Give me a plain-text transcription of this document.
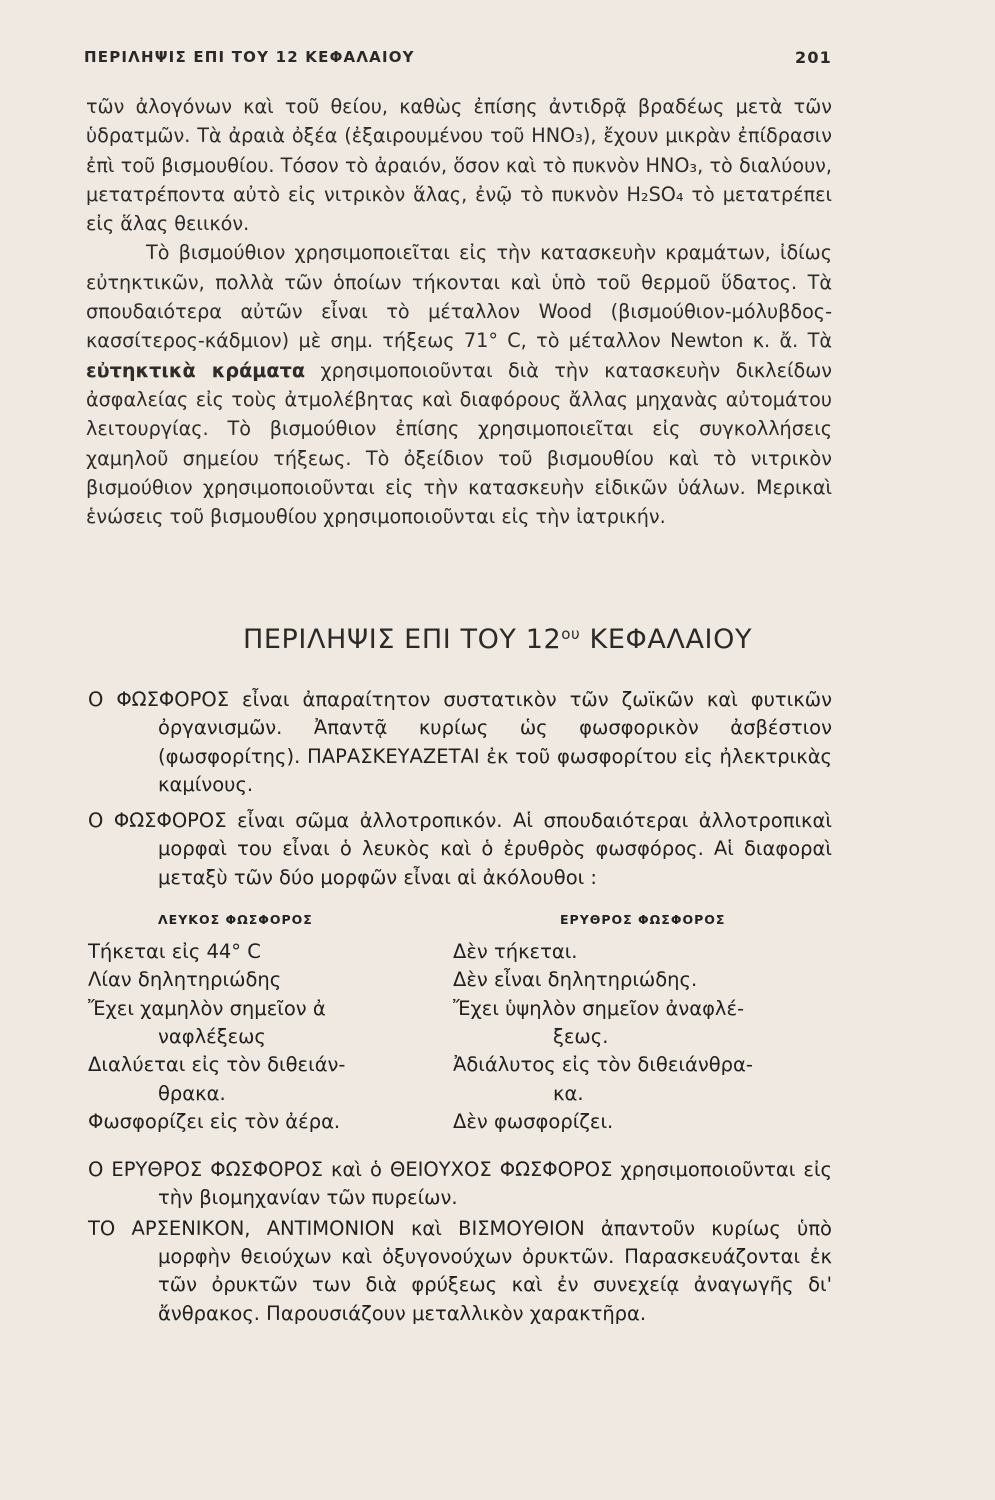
ΠΕΡΙΛΗΨΙΣ ΕΠΙ ΤΟΥ 12 ΚΕΦΑΛΑΙΟΥ	201

τῶν ἀλογόνων καὶ τοῦ θείου, καθὼς ἐπίσης ἀντιδρᾷ βραδέως μετὰ τῶν ὑδρατμῶν. Τὰ ἀραιὰ ὀξέα (ἐξαιρουμένου τοῦ HNO₃), ἔχουν μικρὰν ἐπίδρασιν ἐπὶ τοῦ βισμουθίου. Τόσον τὸ ἀραιόν, ὅσον καὶ τὸ πυκνὸν HNO₃, τὸ διαλύουν, μετατρέποντα αὐτὸ εἰς νιτρικὸν ἅλας, ἐνῷ τὸ πυκνὸν H₂SO₄ τὸ μετατρέπει εἰς ἅλας θειικόν.

Τὸ βισμούθιον χρησιμοποιεῖται εἰς τὴν κατασκευὴν κραμάτων, ἰδίως εὐτηκτικῶν, πολλὰ τῶν ὁποίων τήκονται καὶ ὑπὸ τοῦ θερμοῦ ὕδατος. Τὰ σπουδαιότερα αὐτῶν εἶναι τὸ μέταλλον Wood (βισμούθιον-μόλυβδος-κασσίτερος-κάδμιον) μὲ σημ. τήξεως 71° C, τὸ μέταλλον Newton κ. ἄ. Τὰ εὐτηκτικὰ κράματα χρησιμοποιοῦνται διὰ τὴν κατασκευὴν δικλείδων ἀσφαλείας εἰς τοὺς ἀτμολέβητας καὶ διαφόρους ἄλλας μηχανὰς αὐτομάτου λειτουργίας. Τὸ βισμούθιον ἐπίσης χρησιμοποιεῖται εἰς συγκολλήσεις χαμηλοῦ σημείου τήξεως. Τὸ ὀξείδιον τοῦ βισμουθίου καὶ τὸ νιτρικὸν βισμούθιον χρησιμοποιοῦνται εἰς τὴν κατασκευὴν εἰδικῶν ὑάλων. Μερικαὶ ἑνώσεις τοῦ βισμουθίου χρησιμοποιοῦνται εἰς τὴν ἰατρικήν.

ΠΕΡΙΛΗΨΙΣ ΕΠΙ ΤΟΥ $12^{o\upsilon}$ ΚΕΦΑΛΑΙΟΥ

Ο ΦΩΣΦΟΡΟΣ εἶναι ἀπαραίτητον συστατικὸν τῶν ζωϊκῶν καὶ φυτικῶν ὀργανισμῶν. Ἀπαντᾷ κυρίως ὡς φωσφορικὸν ἀσβέστιον (φωσφορίτης). ΠΑΡΑΣΚΕΥΑΖΕΤΑΙ ἐκ τοῦ φωσφορίτου εἰς ἠλεκτρικὰς καμίνους.

Ο ΦΩΣΦΟΡΟΣ εἶναι σῶμα ἀλλοτροπικόν. Αἱ σπουδαιότεραι ἀλλοτροπικαὶ μορφαὶ του εἶναι ὁ λευκὸς καὶ ὁ ἐρυθρὸς φωσφόρος. Αἱ διαφοραὶ μεταξὺ τῶν δύο μορφῶν εἶναι αἱ ἀκόλουθοι :

ΛΕΥΚΟΣ ΦΩΣΦΟΡΟΣ	ΕΡΥΘΡΟΣ ΦΩΣΦΟΡΟΣ

Τήκεται εἰς 44° C

Λίαν δηλητηριώδης

Ἔχει χαμηλὸν σημεῖον ἀ
ναφλέξεως

Διαλύεται εἰς τὸν διθειάν-
θρακα.

Φωσφορίζει εἰς τὸν ἀέρα.

Δὲν τήκεται.

Δὲν εἶναι δηλητηριώδης.

Ἔχει ὑψηλὸν σημεῖον ἀναφλέ-
ξεως.

Ἀδιάλυτος εἰς τὸν διθειάνθρα-
κα.

Δὲν φωσφορίζει.

Ο ΕΡΥΘΡΟΣ ΦΩΣΦΟΡΟΣ καὶ ὁ ΘΕΙΟΥΧΟΣ ΦΩΣΦΟΡΟΣ χρησιμοποιοῦνται εἰς τὴν βιομηχανίαν τῶν πυρείων.

ΤΟ ΑΡΣΕΝΙΚΟΝ, ΑΝΤΙΜΟΝΙΟΝ καὶ ΒΙΣΜΟΥΘΙΟΝ ἀπαντοῦν κυρίως ὑπὸ μορφὴν θειούχων καὶ ὀξυγονούχων ὀρυκτῶν. Παρασκευάζονται ἐκ τῶν ὀρυκτῶν των διὰ φρύξεως καὶ ἐν συνεχείᾳ ἀναγωγῆς δι' ἄνθρακος. Παρουσιάζουν μεταλλικὸν χαρακτῆρα.
